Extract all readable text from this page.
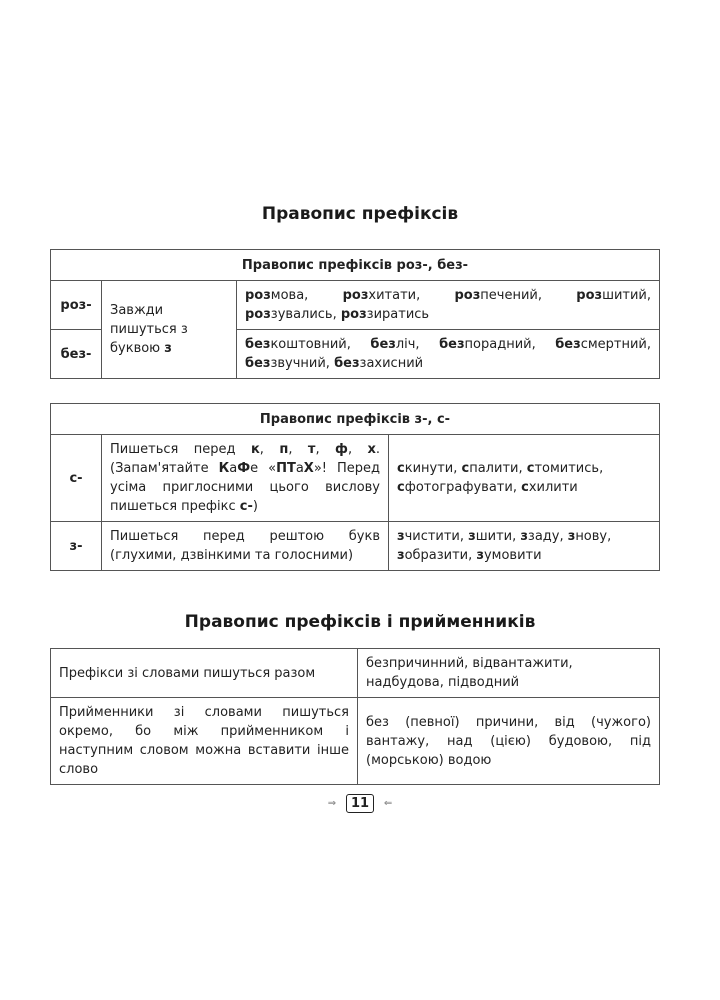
Правопис префіксів
Правопис префіксів роз-, без-		
роз-	Завжди пишуться з буквою з	розмова, розхитати, розпечений, розшитий, роззувались, роззиратись
без-		безкоштовний, безліч, безпорадний, безсмертний, беззвучний, беззахисний
Правопис префіксів з-, с-		
с-	Пишеться перед к, п, т, ф, х. (Запам'ятайте КаФе «ПТаХ»! Перед усіма приглосними цього вислову пишеться префікс с-)	скинути, спалити, стомитись, сфотографувати, схилити
з-	Пишеться перед рештою букв (глухими, дзвінкими та голосними)	зчистити, зшити, ззaду, знову, зобразити, зумовити
Правопис префіксів і прийменників
Префікси зі словами пишуться разом	безпричинний, відвантажити, надбудова, підводний
Прийменники зі словами пишуться окремо, бо між прийменником і наступним словом можна вставити інше слово	без (певної) причини, від (чужого) вантажу, над (цією) будовою, під (морською) водою
⇒ 11 ⇐
